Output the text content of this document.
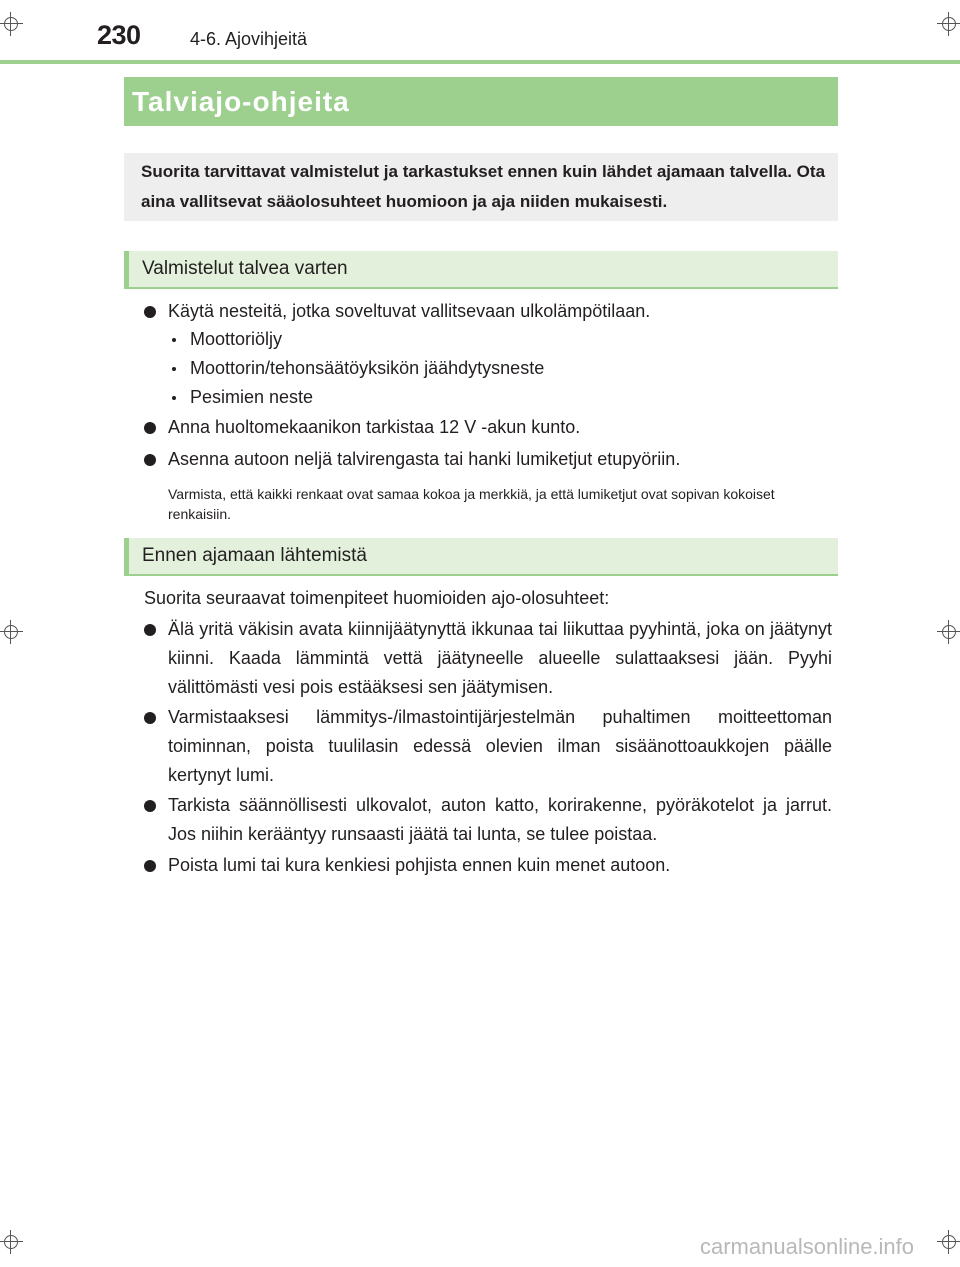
230	4-6. Ajovihjeitä
Talviajo-ohjeita
Suorita tarvittavat valmistelut ja tarkastukset ennen kuin lähdet ajamaan talvella. Ota aina vallitsevat sääolosuhteet huomioon ja aja niiden mukaisesti.
Valmistelut talvea varten
Käytä nesteitä, jotka soveltuvat vallitsevaan ulkolämpötilaan.
Moottoriöljy
Moottorin/tehonsäätöyksikön jäähdytysneste
Pesimien neste
Anna huoltomekaanikon tarkistaa 12 V -akun kunto.
Asenna autoon neljä talvirengasta tai hanki lumiketjut etupyöriin.
Varmista, että kaikki renkaat ovat samaa kokoa ja merkkiä, ja että lumiketjut ovat sopivan kokoiset renkaisiin.
Ennen ajamaan lähtemistä
Suorita seuraavat toimenpiteet huomioiden ajo-olosuhteet:
Älä yritä väkisin avata kiinnijäätynyttä ikkunaa tai liikuttaa pyyhintä, joka on jäätynyt kiinni. Kaada lämmintä vettä jäätyneelle alueelle sulattaaksesi jään. Pyyhi välittömästi vesi pois estääksesi sen jäätymisen.
Varmistaaksesi lämmitys-/ilmastointijärjestelmän puhaltimen moitteettoman toiminnan, poista tuulilasin edessä olevien ilman sisäänottoaukkojen päälle kertynyt lumi.
Tarkista säännöllisesti ulkovalot, auton katto, korirakenne, pyöräkotelot ja jarrut. Jos niihin kerääntyy runsaasti jäätä tai lunta, se tulee poistaa.
Poista lumi tai kura kenkiesi pohjista ennen kuin menet autoon.
carmanualsonline.info
